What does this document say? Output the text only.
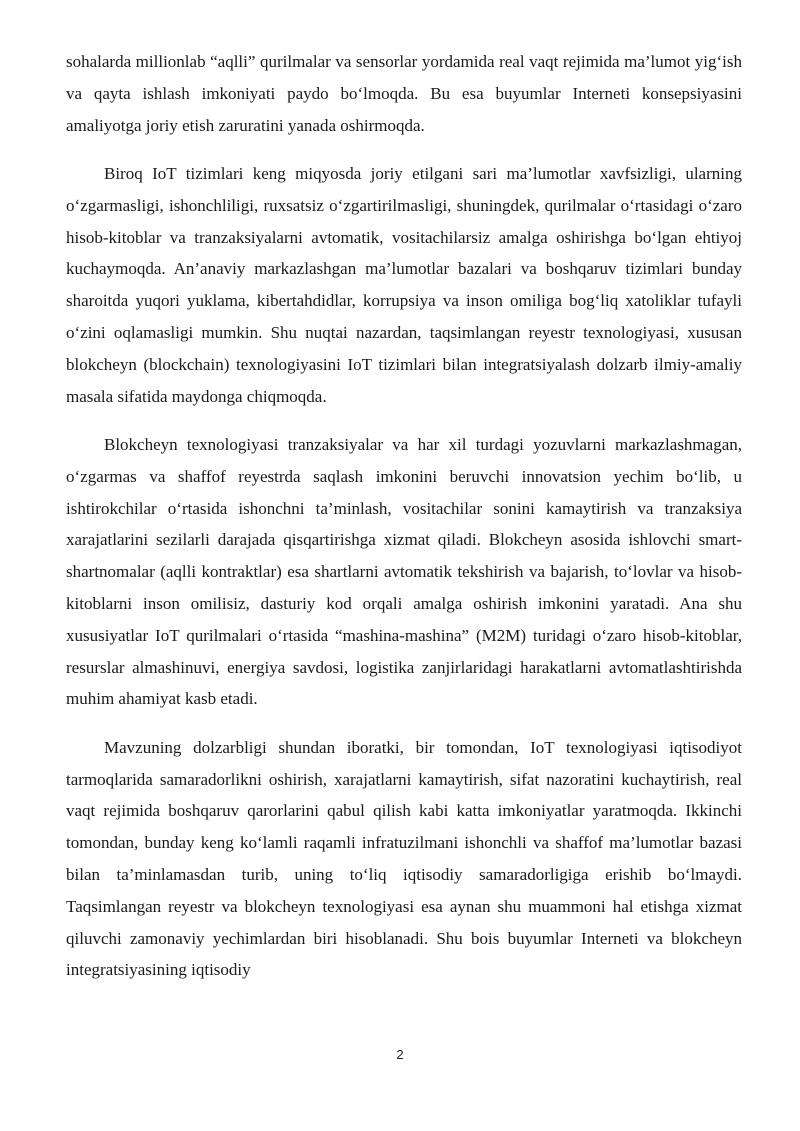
sohalarda millionlab “aqlli” qurilmalar va sensorlar yordamida real vaqt rejimida ma’lumot yig‘ish va qayta ishlash imkoniyati paydo bo‘lmoqda. Bu esa buyumlar Interneti konsepsiyasini amaliyotga joriy etish zaruratini yanada oshirmoqda.

Biroq IoT tizimlari keng miqyosda joriy etilgani sari ma’lumotlar xavfsizligi, ularning o‘zgarmasligi, ishonchliligi, ruxsatsiz o‘zgartirilmasligi, shuningdek, qurilmalar o‘rtasidagi o‘zaro hisob-kitoblar va tranzaksiyalarni avtomatik, vositachilarsiz amalga oshirishga bo‘lgan ehtiyoj kuchaymoqda. An’anaviy markazlashgan ma’lumotlar bazalari va boshqaruv tizimlari bunday sharoitda yuqori yuklama, kibertahdidlar, korrupsiya va inson omiliga bog‘liq xatoliklar tufayli o‘zini oqlamasligi mumkin. Shu nuqtai nazardan, taqsimlangan reyestr texnologiyasi, xususan blokcheyn (blockchain) texnologiyasini IoT tizimlari bilan integratsiyalash dolzarb ilmiy-amaliy masala sifatida maydonga chiqmoqda.

Blokcheyn texnologiyasi tranzaksiyalar va har xil turdagi yozuvlarni markazlashmagan, o‘zgarmas va shaffof reyestrda saqlash imkonini beruvchi innovatsion yechim bo‘lib, u ishtirokchilar o‘rtasida ishonchni ta’minlash, vositachilar sonini kamaytirish va tranzaksiya xarajatlarini sezilarli darajada qisqartirishga xizmat qiladi. Blokcheyn asosida ishlovchi smart-shartnomalar (aqlli kontraktlar) esa shartlarni avtomatik tekshirish va bajarish, to‘lovlar va hisob-kitoblarni inson omilisiz, dasturiy kod orqali amalga oshirish imkonini yaratadi. Ana shu xususiyatlar IoT qurilmalari o‘rtasida “mashina-mashina” (M2M) turidagi o‘zaro hisob-kitoblar, resurslar almashinuvi, energiya savdosi, logistika zanjirlaridagi harakatlarni avtomatlashtirishda muhim ahamiyat kasb etadi.

Mavzuning dolzarbligi shundan iboratki, bir tomondan, IoT texnologiyasi iqtisodiyot tarmoqlarida samaradorlikni oshirish, xarajatlarni kamaytirish, sifat nazoratini kuchaytirish, real vaqt rejimida boshqaruv qarorlarini qabul qilish kabi katta imkoniyatlar yaratmoqda. Ikkinchi tomondan, bunday keng ko‘lamli raqamli infratuzilmani ishonchli va shaffof ma’lumotlar bazasi bilan ta’minlamasdan turib, uning to‘liq iqtisodiy samaradorligiga erishib bo‘lmaydi. Taqsimlangan reyestr va blokcheyn texnologiyasi esa aynan shu muammoni hal etishga xizmat qiluvchi zamonaviy yechimlardan biri hisoblanadi. Shu bois buyumlar Interneti va blokcheyn integratsiyasining iqtisodiy

2
